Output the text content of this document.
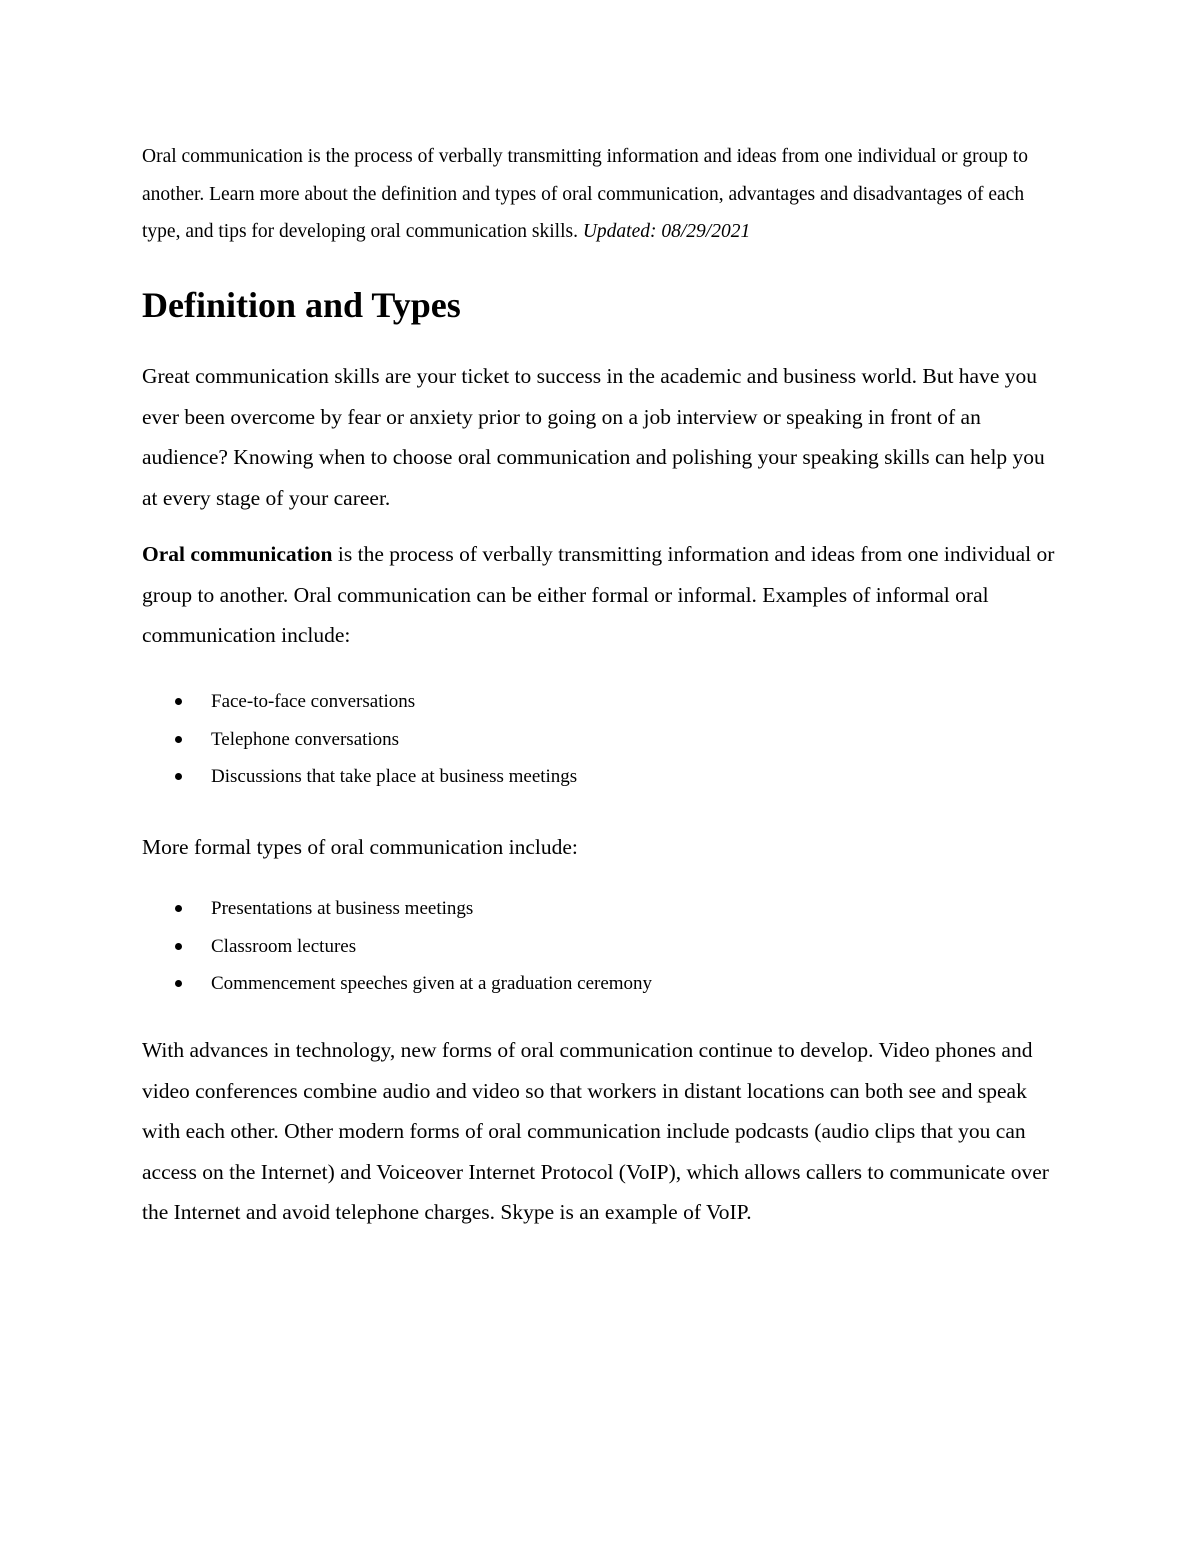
Oral communication is the process of verbally transmitting information and ideas from one individual or group to another. Learn more about the definition and types of oral communication, advantages and disadvantages of each type, and tips for developing oral communication skills. Updated: 08/29/2021

Definition and Types

Great communication skills are your ticket to success in the academic and business world. But have you ever been overcome by fear or anxiety prior to going on a job interview or speaking in front of an audience? Knowing when to choose oral communication and polishing your speaking skills can help you at every stage of your career.

Oral communication is the process of verbally transmitting information and ideas from one individual or group to another. Oral communication can be either formal or informal. Examples of informal oral communication include:

Face-to-face conversations
Telephone conversations
Discussions that take place at business meetings

More formal types of oral communication include:

Presentations at business meetings
Classroom lectures
Commencement speeches given at a graduation ceremony

With advances in technology, new forms of oral communication continue to develop. Video phones and video conferences combine audio and video so that workers in distant locations can both see and speak with each other. Other modern forms of oral communication include podcasts (audio clips that you can access on the Internet) and Voiceover Internet Protocol (VoIP), which allows callers to communicate over the Internet and avoid telephone charges. Skype is an example of VoIP.
